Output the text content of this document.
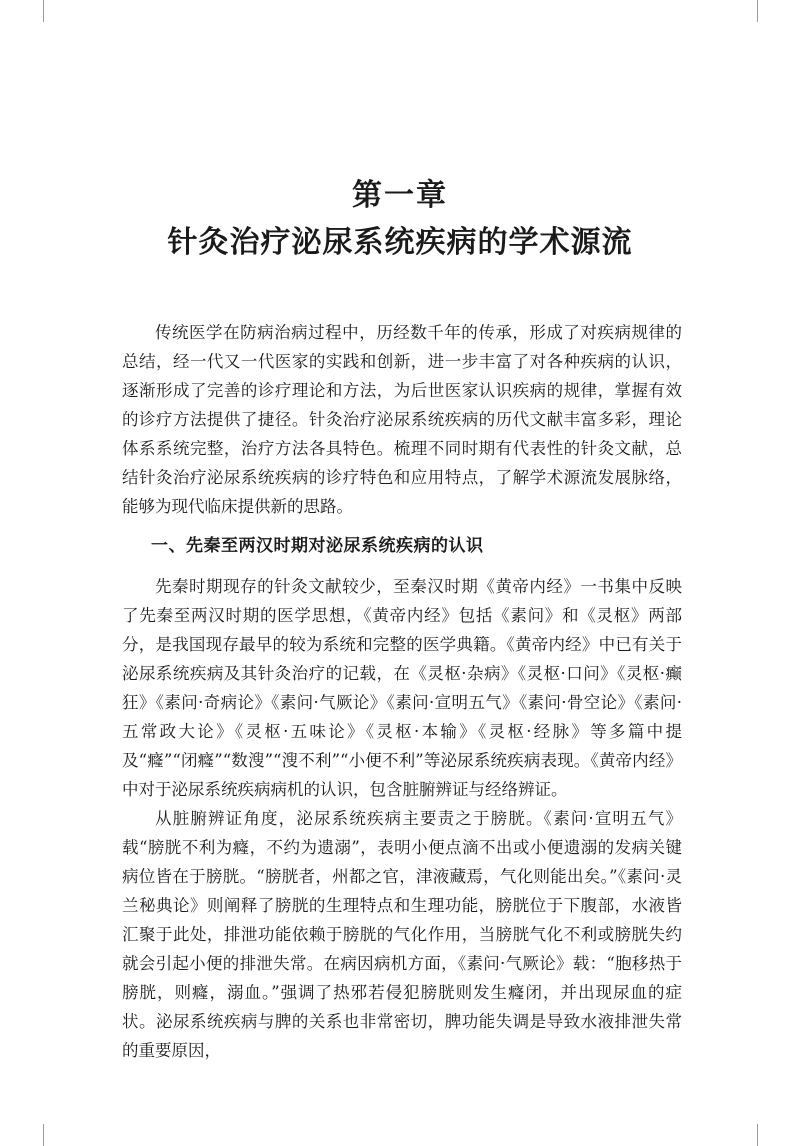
第一章
针灸治疗泌尿系统疾病的学术源流

传统医学在防病治病过程中，历经数千年的传承，形成了对疾病规律的总结，经一代又一代医家的实践和创新，进一步丰富了对各种疾病的认识，逐渐形成了完善的诊疗理论和方法，为后世医家认识疾病的规律，掌握有效的诊疗方法提供了捷径。针灸治疗泌尿系统疾病的历代文献丰富多彩，理论体系系统完整，治疗方法各具特色。梳理不同时期有代表性的针灸文献，总结针灸治疗泌尿系统疾病的诊疗特色和应用特点，了解学术源流发展脉络，能够为现代临床提供新的思路。

一、先秦至两汉时期对泌尿系统疾病的认识

先秦时期现存的针灸文献较少，至秦汉时期《黄帝内经》一书集中反映了先秦至两汉时期的医学思想，《黄帝内经》包括《素问》和《灵枢》两部分，是我国现存最早的较为系统和完整的医学典籍。《黄帝内经》中已有关于泌尿系统疾病及其针灸治疗的记载，在《灵枢·杂病》《灵枢·口问》《灵枢·癫狂》《素问·奇病论》《素问·气厥论》《素问·宣明五气》《素问·骨空论》《素问·五常政大论》《灵枢·五味论》《灵枢·本输》《灵枢·经脉》等多篇中提及“癃”“闭癃”“数溲”“溲不利”“小便不利”等泌尿系统疾病表现。《黄帝内经》中对于泌尿系统疾病病机的认识，包含脏腑辨证与经络辨证。

从脏腑辨证角度，泌尿系统疾病主要责之于膀胱。《素问·宣明五气》载“膀胱不利为癃，不约为遗溺”，表明小便点滴不出或小便遗溺的发病关键病位皆在于膀胱。“膀胱者，州都之官，津液藏焉，气化则能出矣。”《素问·灵兰秘典论》则阐释了膀胱的生理特点和生理功能，膀胱位于下腹部，水液皆汇聚于此处，排泄功能依赖于膀胱的气化作用，当膀胱气化不利或膀胱失约就会引起小便的排泄失常。在病因病机方面，《素问·气厥论》载：“胞移热于膀胱，则癃，溺血。”强调了热邪若侵犯膀胱则发生癃闭，并出现尿血的症状。泌尿系统疾病与脾的关系也非常密切，脾功能失调是导致水液排泄失常的重要原因，
